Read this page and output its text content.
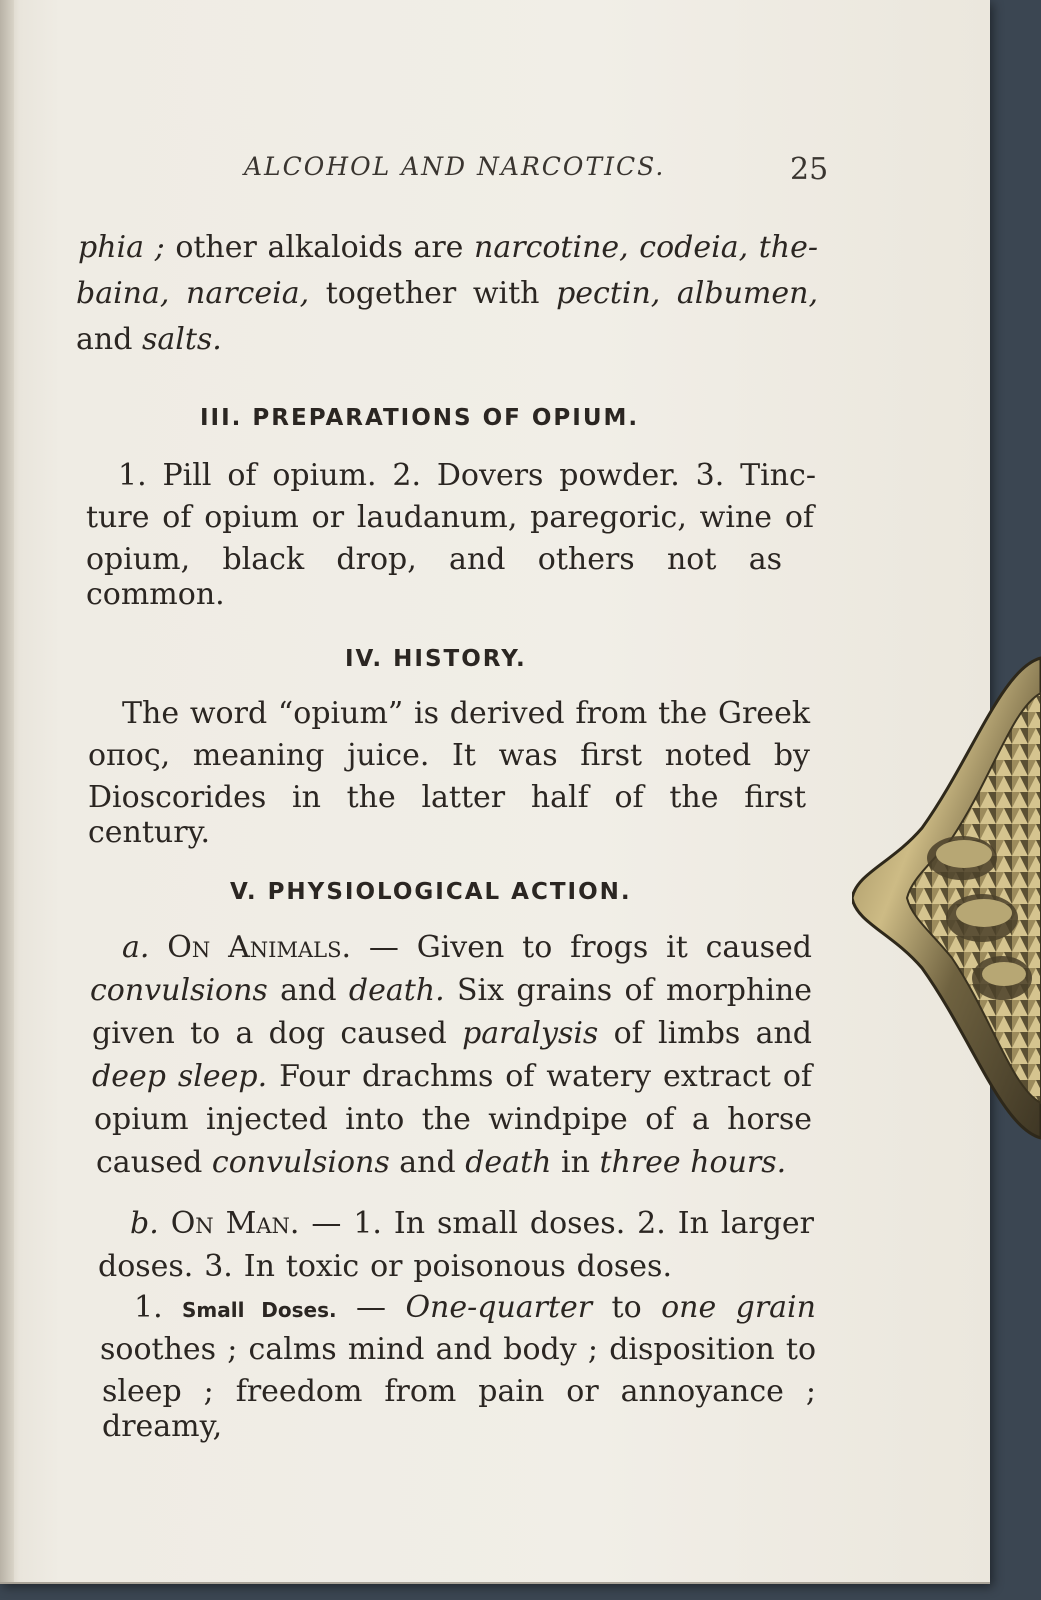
ALCOHOL AND NARCOTICS.	25
phia ; other alkaloids are narcotine, codeia, the-
baina, narceia, together with pectin, albumen,
and salts.
III. PREPARATIONS OF OPIUM.
1. Pill of opium. 2. Dovers powder. 3. Tinc-
ture of opium or laudanum, paregoric, wine of
opium, black drop, and others not as common.
IV. HISTORY.
The word “opium” is derived from the Greek
οπος, meaning juice. It was first noted by
Dioscorides in the latter half of the first century.
V. PHYSIOLOGICAL ACTION.
a. On Animals. — Given to frogs it caused
convulsions and death. Six grains of morphine
given to a dog caused paralysis of limbs and
deep sleep. Four drachms of watery extract of
opium injected into the windpipe of a horse
caused convulsions and death in three hours.
b. On Man. — 1. In small doses. 2. In larger
doses. 3. In toxic or poisonous doses.
1. Small Doses. — One-quarter to one grain
soothes ; calms mind and body ; disposition to
sleep ; freedom from pain or annoyance ; dreamy,
